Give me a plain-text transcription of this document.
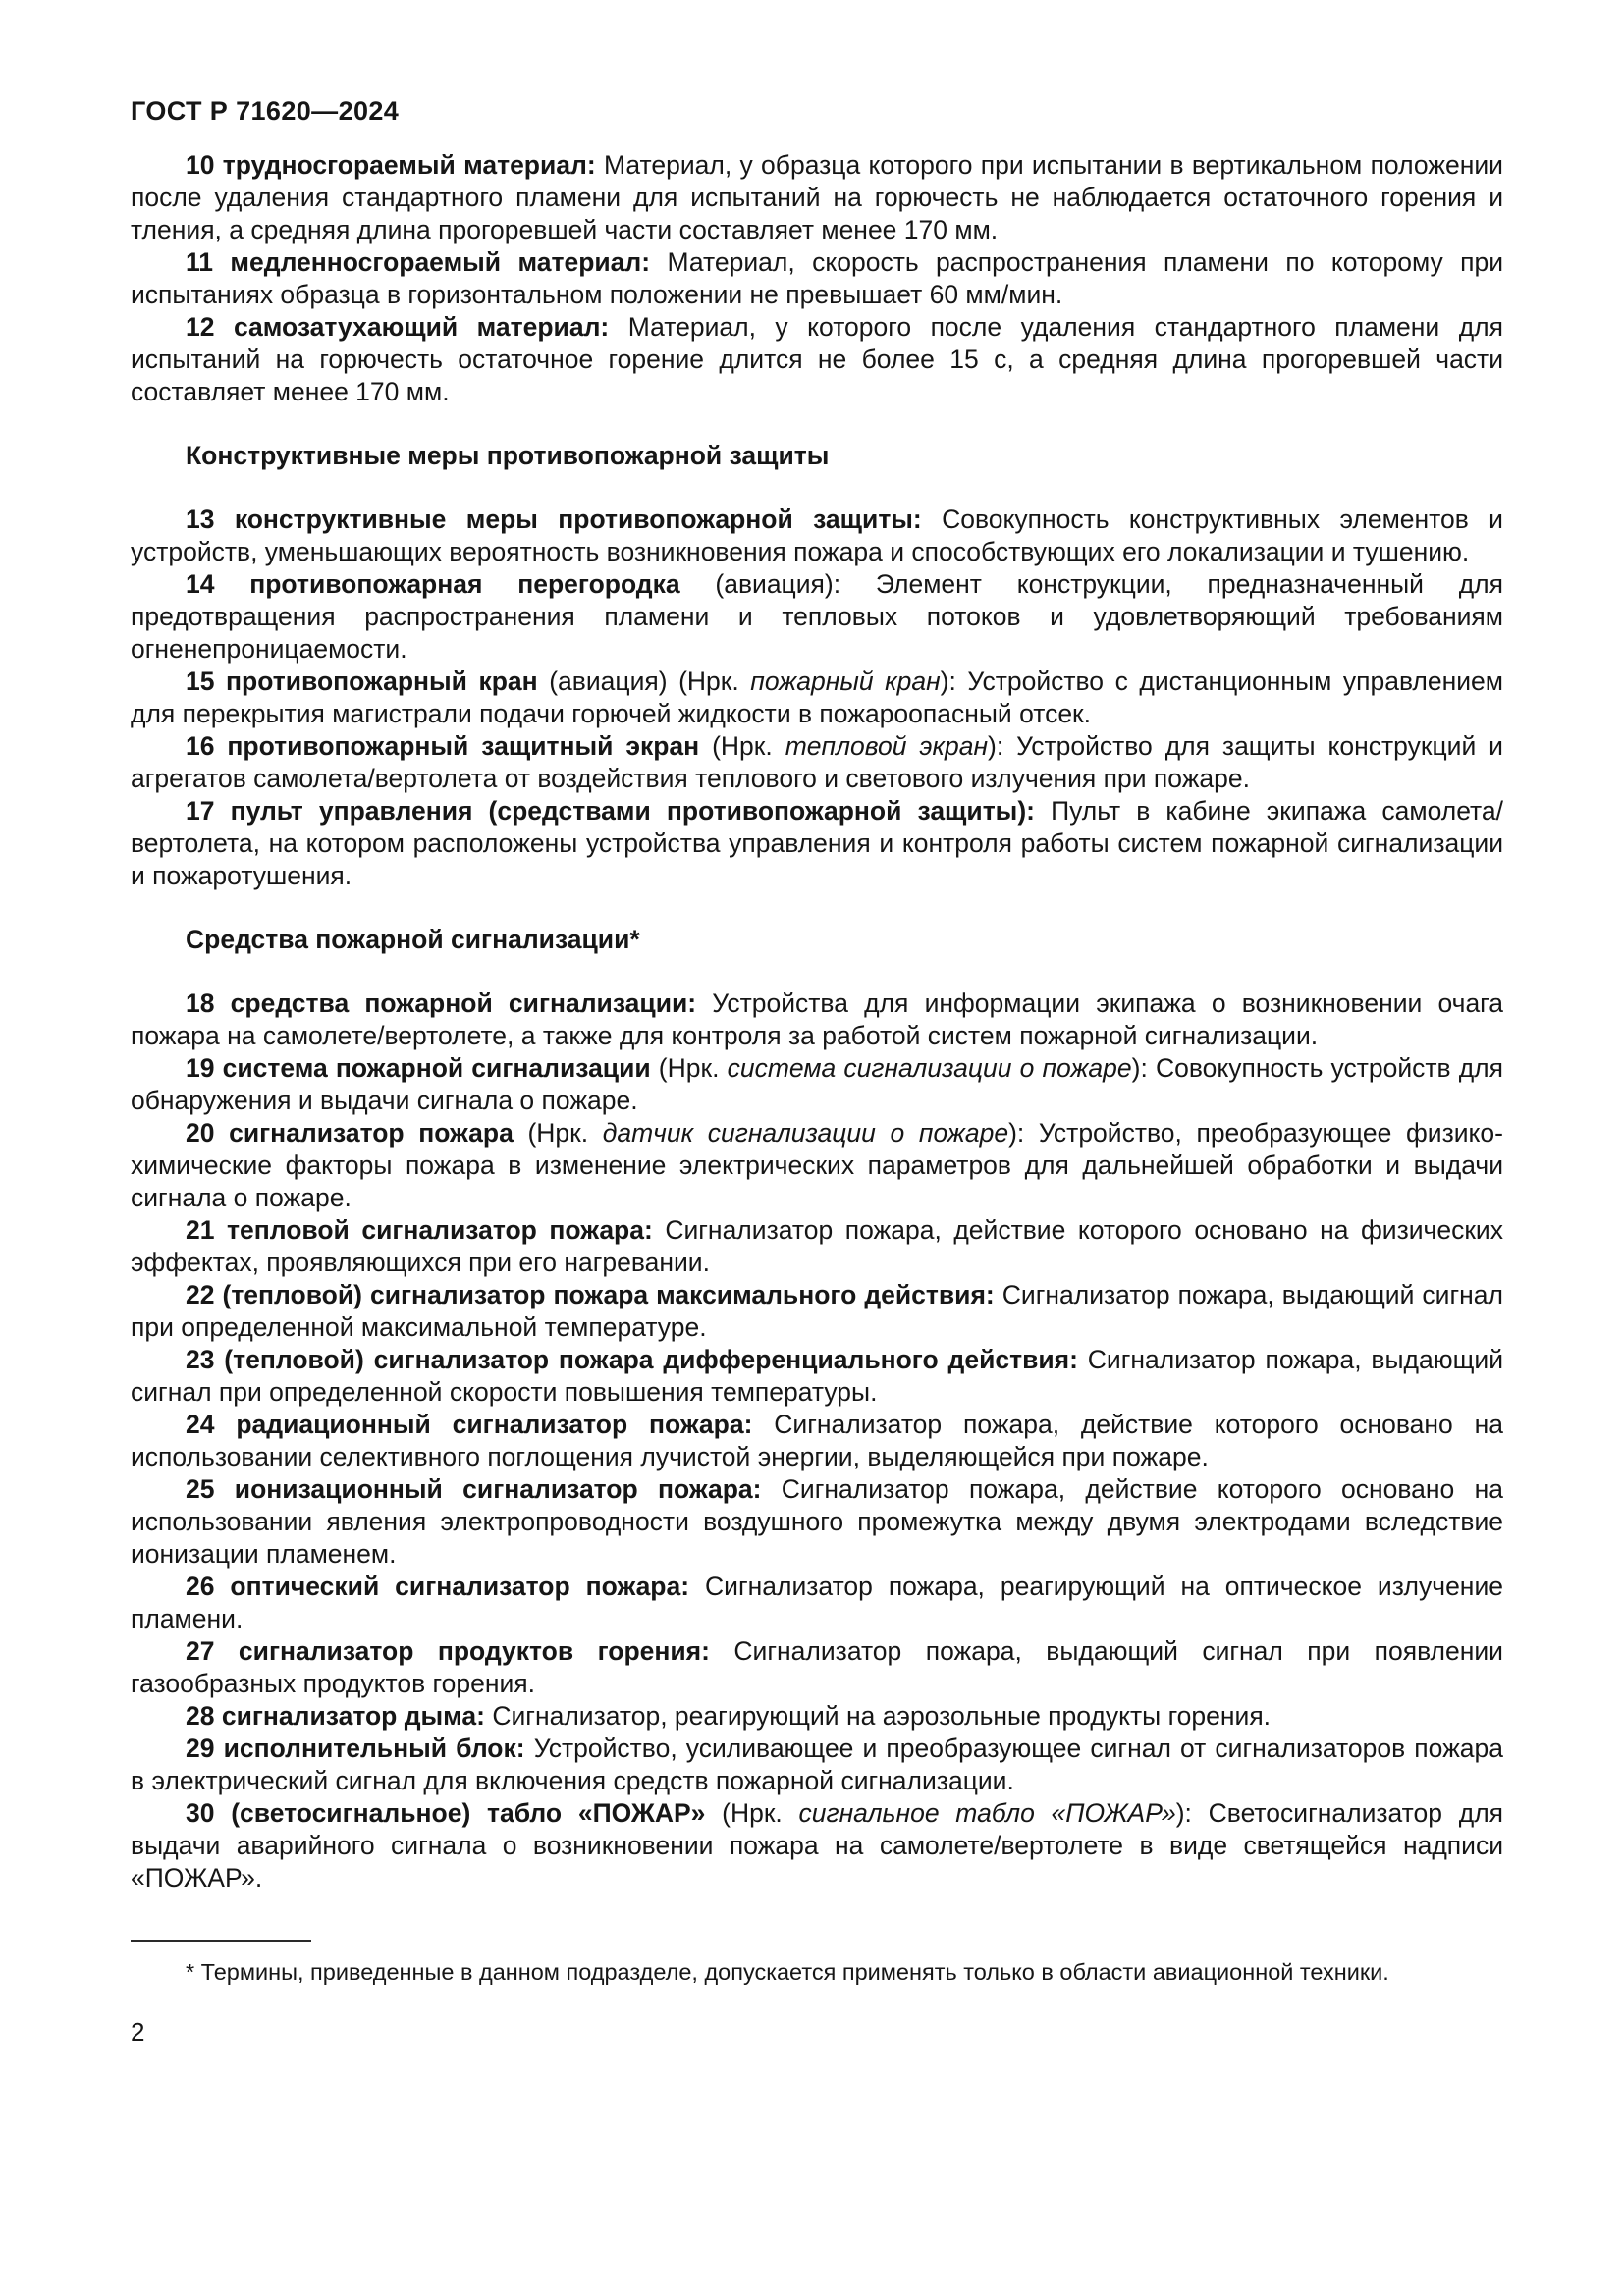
ГОСТ Р 71620—2024

10 трудносгораемый материал: Материал, у образца которого при испытании в вертикальном положении после удаления стандартного пламени для испытаний на горючесть не наблюдается остаточного горения и тления, а средняя длина прогоревшей части составляет менее 170 мм.

11 медленносгораемый материал: Материал, скорость распространения пламени по которому при испытаниях образца в горизонтальном положении не превышает 60 мм/мин.

12 самозатухающий материал: Материал, у которого после удаления стандартного пламени для испытаний на горючесть остаточное горение длится не более 15 с, а средняя длина прогоревшей части составляет менее 170 мм.

Конструктивные меры противопожарной защиты

13 конструктивные меры противопожарной защиты: Совокупность конструктивных элементов и устройств, уменьшающих вероятность возникновения пожара и способствующих его локализации и тушению.

14 противопожарная перегородка (авиация): Элемент конструкции, предназначенный для предотвращения распространения пламени и тепловых потоков и удовлетворяющий требованиям огненепроницаемости.

15 противопожарный кран (авиация) (Нрк. пожарный кран): Устройство с дистанционным управлением для перекрытия магистрали подачи горючей жидкости в пожароопасный отсек.

16 противопожарный защитный экран (Нрк. тепловой экран): Устройство для защиты конструкций и агрегатов самолета/вертолета от воздействия теплового и светового излучения при пожаре.

17 пульт управления (средствами противопожарной защиты): Пульт в кабине экипажа самолета/вертолета, на котором расположены устройства управления и контроля работы систем пожарной сигнализации и пожаротушения.

Средства пожарной сигнализации*

18 средства пожарной сигнализации: Устройства для информации экипажа о возникновении очага пожара на самолете/вертолете, а также для контроля за работой систем пожарной сигнализации.

19 система пожарной сигнализации (Нрк. система сигнализации о пожаре): Совокупность устройств для обнаружения и выдачи сигнала о пожаре.

20 сигнализатор пожара (Нрк. датчик сигнализации о пожаре): Устройство, преобразующее физико-химические факторы пожара в изменение электрических параметров для дальнейшей обработки и выдачи сигнала о пожаре.

21 тепловой сигнализатор пожара: Сигнализатор пожара, действие которого основано на физических эффектах, проявляющихся при его нагревании.

22 (тепловой) сигнализатор пожара максимального действия: Сигнализатор пожара, выдающий сигнал при определенной максимальной температуре.

23 (тепловой) сигнализатор пожара дифференциального действия: Сигнализатор пожара, выдающий сигнал при определенной скорости повышения температуры.

24 радиационный сигнализатор пожара: Сигнализатор пожара, действие которого основано на использовании селективного поглощения лучистой энергии, выделяющейся при пожаре.

25 ионизационный сигнализатор пожара: Сигнализатор пожара, действие которого основано на использовании явления электропроводности воздушного промежутка между двумя электродами вследствие ионизации пламенем.

26 оптический сигнализатор пожара: Сигнализатор пожара, реагирующий на оптическое излучение пламени.

27 сигнализатор продуктов горения: Сигнализатор пожара, выдающий сигнал при появлении газообразных продуктов горения.

28 сигнализатор дыма: Сигнализатор, реагирующий на аэрозольные продукты горения.

29 исполнительный блок: Устройство, усиливающее и преобразующее сигнал от сигнализаторов пожара в электрический сигнал для включения средств пожарной сигнализации.

30 (светосигнальное) табло «ПОЖАР» (Нрк. сигнальное табло «ПОЖАР»): Светосигнализатор для выдачи аварийного сигнала о возникновении пожара на самолете/вертолете в виде светящейся надписи «ПОЖАР».

* Термины, приведенные в данном подразделе, допускается применять только в области авиационной техники.

2
